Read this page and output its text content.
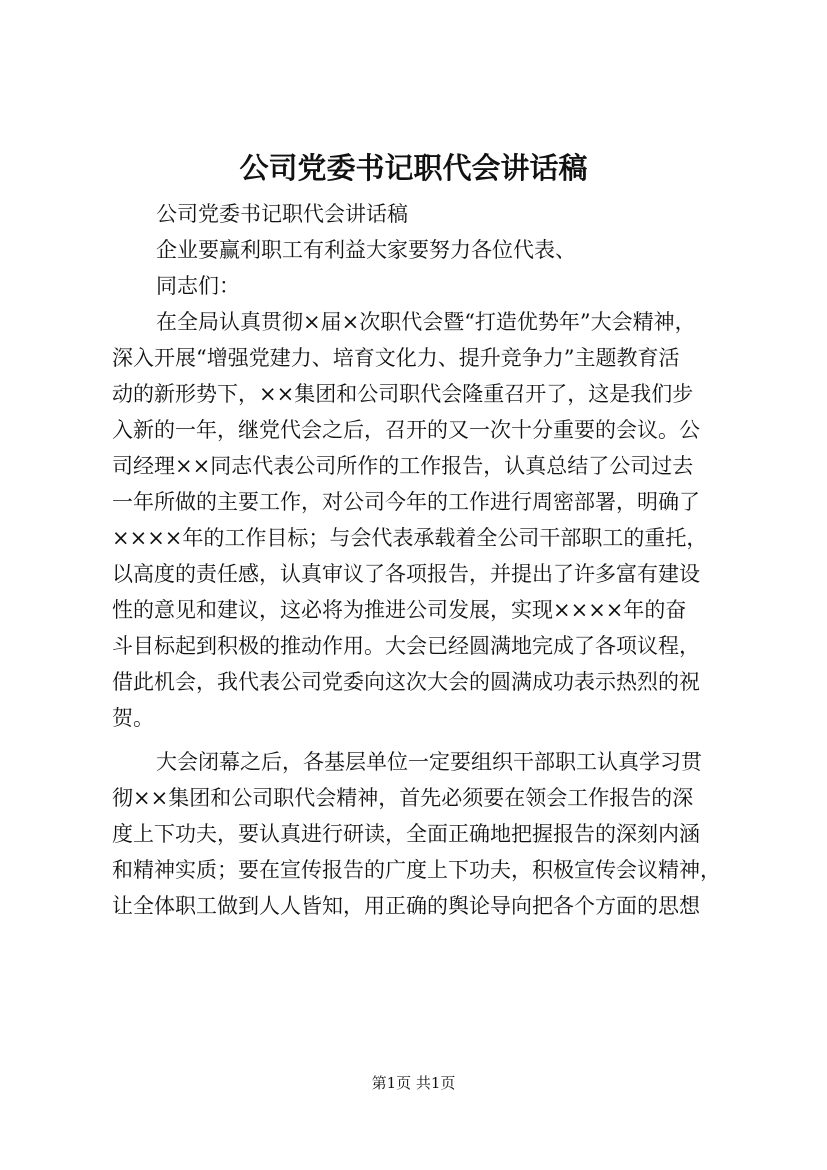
公司党委书记职代会讲话稿
公司党委书记职代会讲话稿
企业要赢利职工有利益大家要努力各位代表、
同志们：
在全局认真贯彻×届×次职代会暨“打造优势年”大会精神，
深入开展“增强党建力、培育文化力、提升竞争力”主题教育活
动的新形势下，××集团和公司职代会隆重召开了，这是我们步
入新的一年，继党代会之后，召开的又一次十分重要的会议。公
司经理××同志代表公司所作的工作报告，认真总结了公司过去
一年所做的主要工作，对公司今年的工作进行周密部署，明确了
××××年的工作目标；与会代表承载着全公司干部职工的重托，
以高度的责任感，认真审议了各项报告，并提出了许多富有建设
性的意见和建议，这必将为推进公司发展，实现××××年的奋
斗目标起到积极的推动作用。大会已经圆满地完成了各项议程，
借此机会，我代表公司党委向这次大会的圆满成功表示热烈的祝
贺。
大会闭幕之后，各基层单位一定要组织干部职工认真学习贯
彻××集团和公司职代会精神，首先必须要在领会工作报告的深
度上下功夫，要认真进行研读，全面正确地把握报告的深刻内涵
和精神实质；要在宣传报告的广度上下功夫，积极宣传会议精神，
让全体职工做到人人皆知，用正确的舆论导向把各个方面的思想
第1页 共1页
